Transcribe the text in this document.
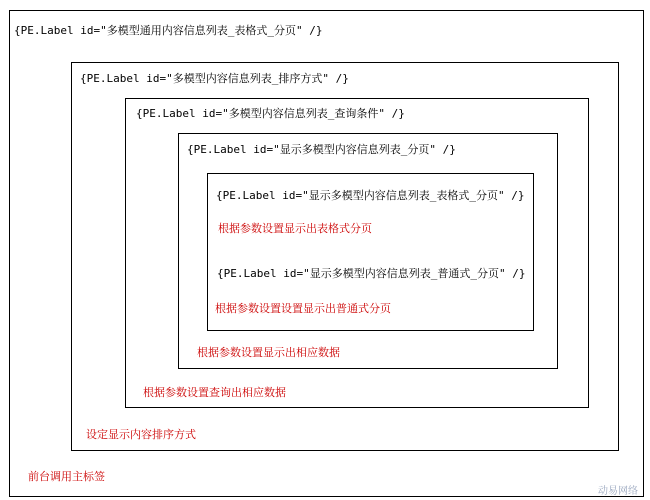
{PE.Label id="多模型通用内容信息列表_表格式_分页" /}
前台调用主标签
{PE.Label id="多模型内容信息列表_排序方式" /}
设定显示内容排序方式
{PE.Label id="多模型内容信息列表_查询条件" /}
根据参数设置查询出相应数据
{PE.Label id="显示多模型内容信息列表_分页" /}
根据参数设置显示出相应数据
{PE.Label id="显示多模型内容信息列表_表格式_分页" /}
根据参数设置显示出表格式分页
{PE.Label id="显示多模型内容信息列表_普通式_分页" /}
根据参数设置设置显示出普通式分页
动易网络
